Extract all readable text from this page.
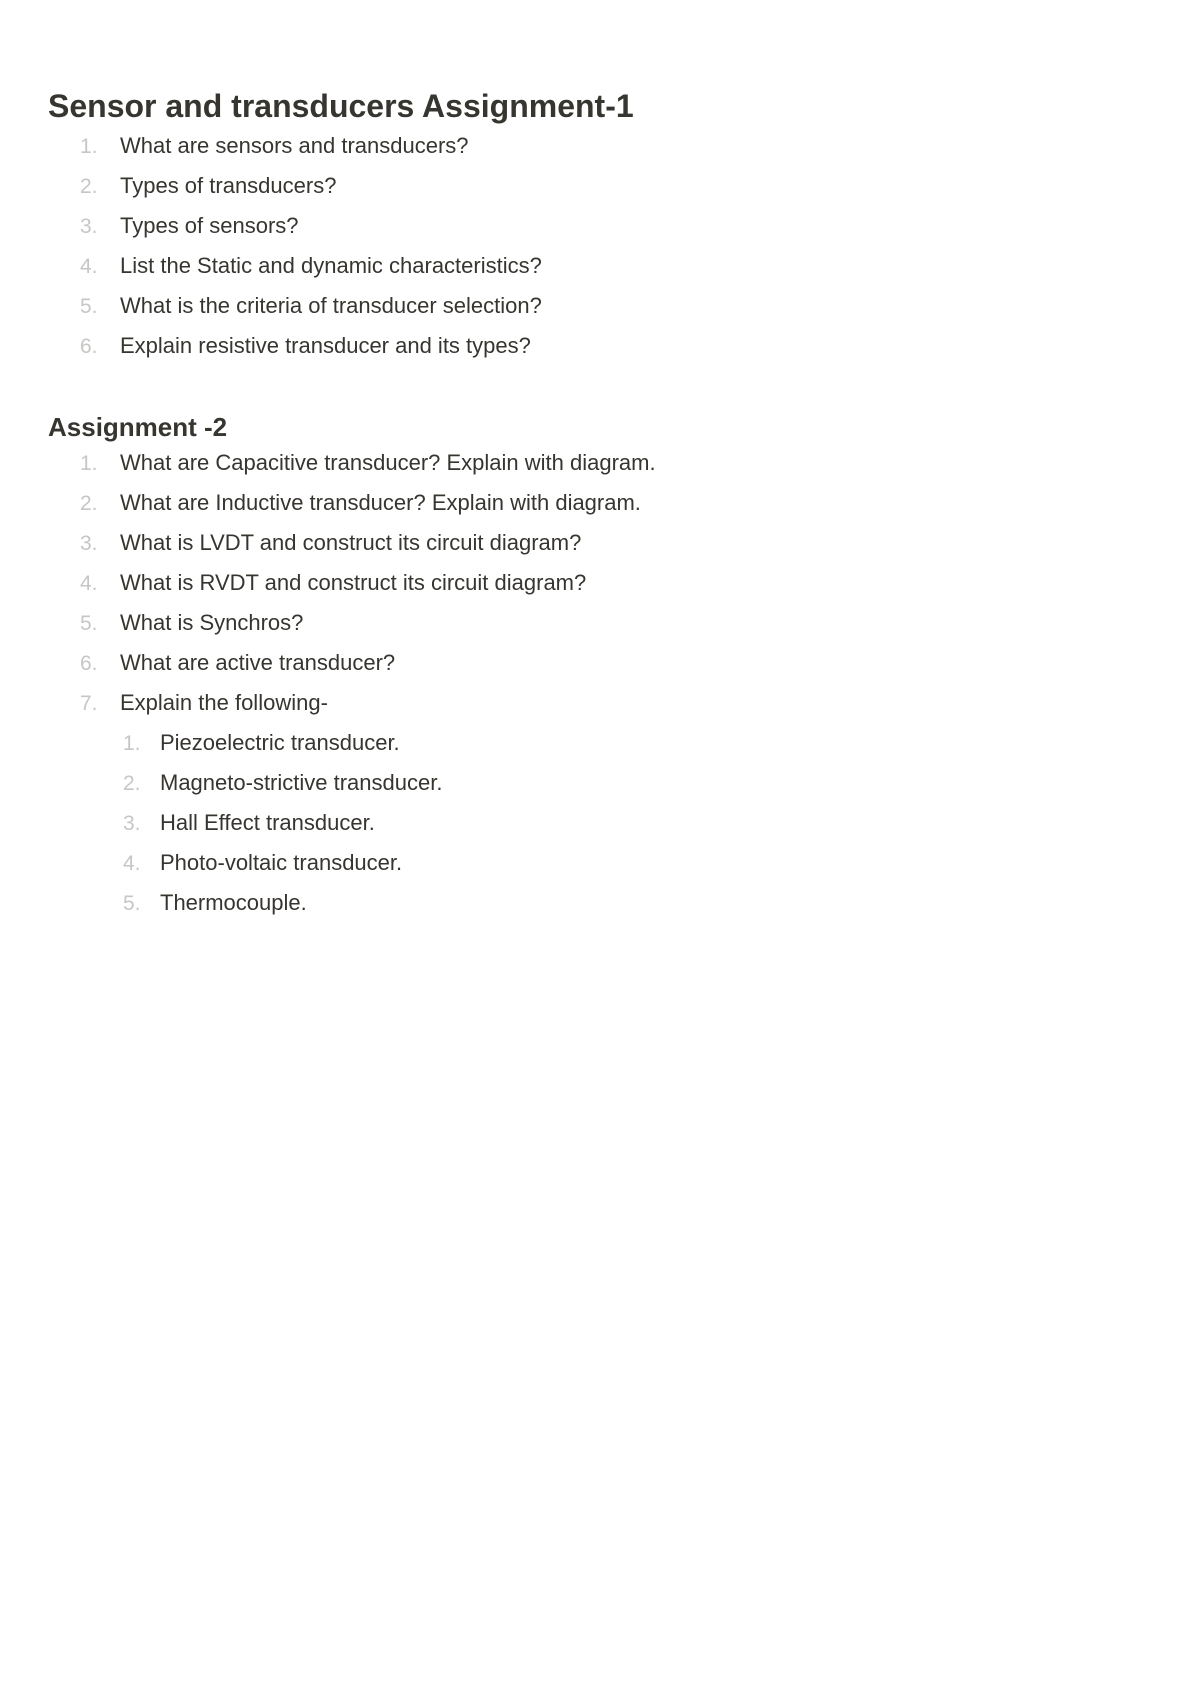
Sensor and transducers Assignment-1
1.	What are sensors and transducers?
2.	Types of transducers?
3.	Types of sensors?
4.	List the Static and dynamic characteristics?
5.	What is the criteria of transducer selection?
6.	Explain resistive transducer and its types?
Assignment -2
1.	What are Capacitive transducer? Explain with diagram.
2.	What are Inductive transducer? Explain with diagram.
3.	What is LVDT and construct its circuit diagram?
4.	What is RVDT and construct its circuit diagram?
5.	What is Synchros?
6.	What are active transducer?
7.	Explain the following-
1. Piezoelectric transducer.
2. Magneto-strictive transducer.
3. Hall Effect transducer.
4. Photo-voltaic transducer.
5. Thermocouple.
